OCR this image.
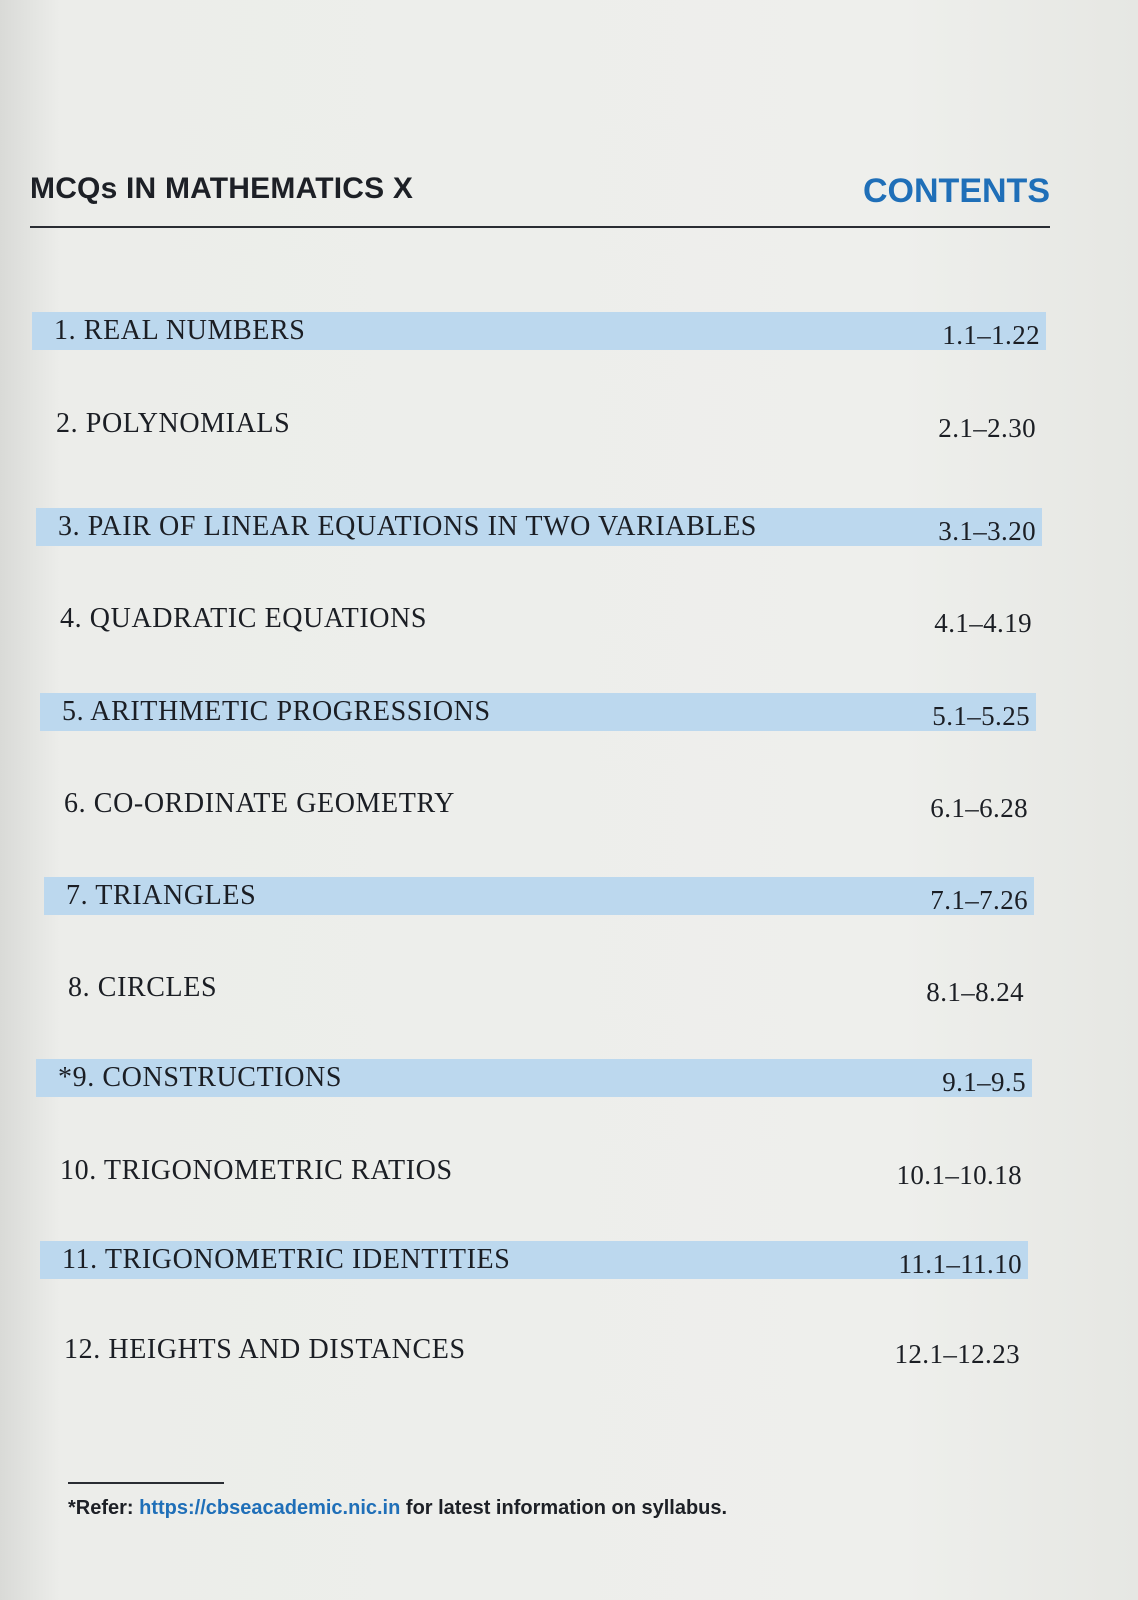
MCQs IN MATHEMATICS X	CONTENTS
1. REAL NUMBERS	1.1–1.22
2. POLYNOMIALS	2.1–2.30
3. PAIR OF LINEAR EQUATIONS IN TWO VARIABLES	3.1–3.20
4. QUADRATIC EQUATIONS	4.1–4.19
5. ARITHMETIC PROGRESSIONS	5.1–5.25
6. CO-ORDINATE GEOMETRY	6.1–6.28
7. TRIANGLES	7.1–7.26
8. CIRCLES	8.1–8.24
*9. CONSTRUCTIONS	9.1–9.5
10. TRIGONOMETRIC RATIOS	10.1–10.18
11. TRIGONOMETRIC IDENTITIES	11.1–11.10
12. HEIGHTS AND DISTANCES	12.1–12.23
*Refer: https://cbseacademic.nic.in for latest information on syllabus.
